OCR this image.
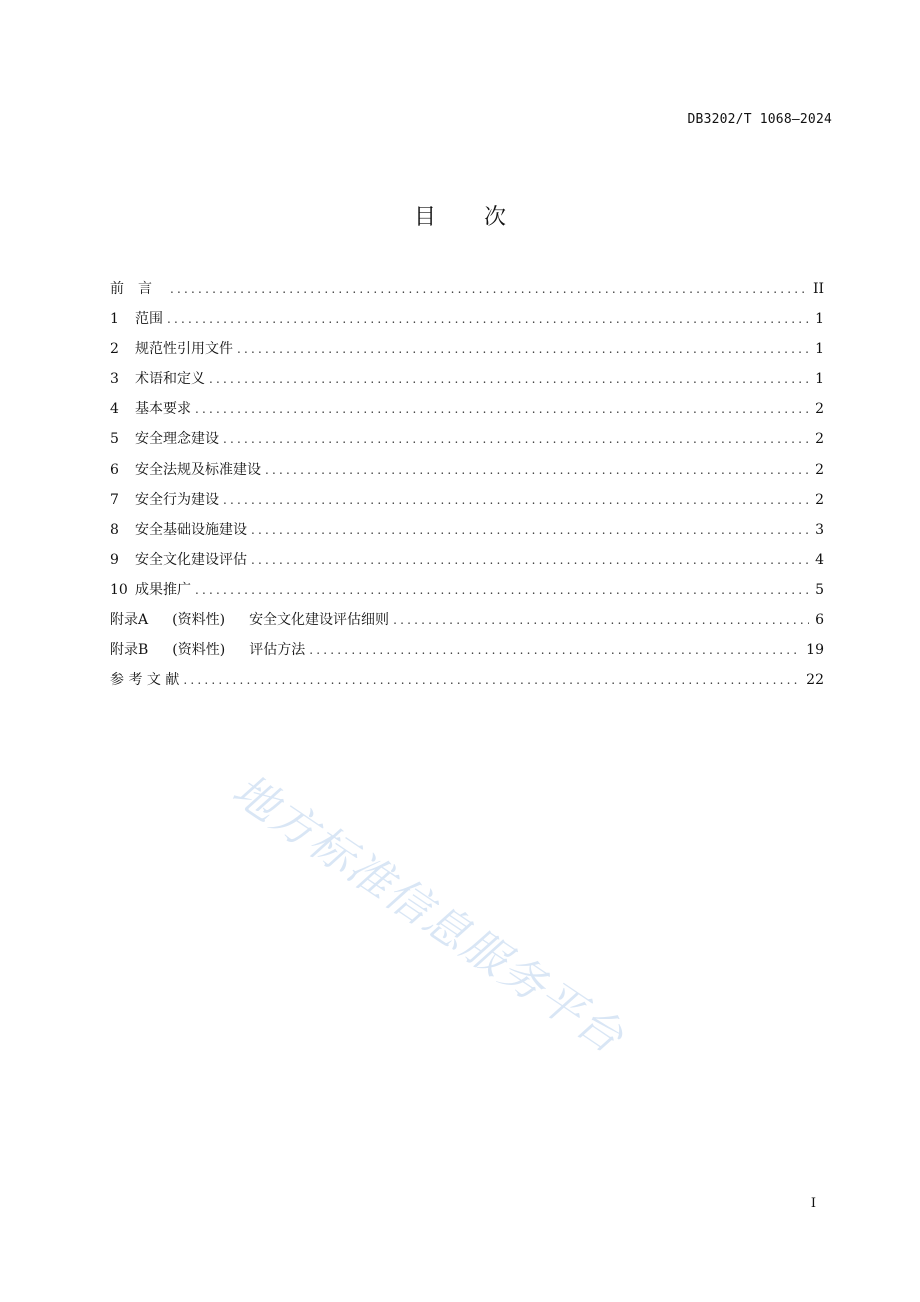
DB3202/T 1068—2024
目次
前言 .....	II
1	范围 .....	1
2	规范性引用文件 .....	1
3	术语和定义 .....	1
4	基本要求 .....	2
5	安全理念建设 .....	2
6	安全法规及标准建设 .....	2
7	安全行为建设 .....	2
8	安全基础设施建设 .....	3
9	安全文化建设评估 .....	4
10 成果推广 .....	5
附录A (资料性) 安全文化建设评估细则 .....	6
附录B (资料性) 评估方法 .....	19
参 考 文 献 .....	22
地方标准信息服务平台
I
